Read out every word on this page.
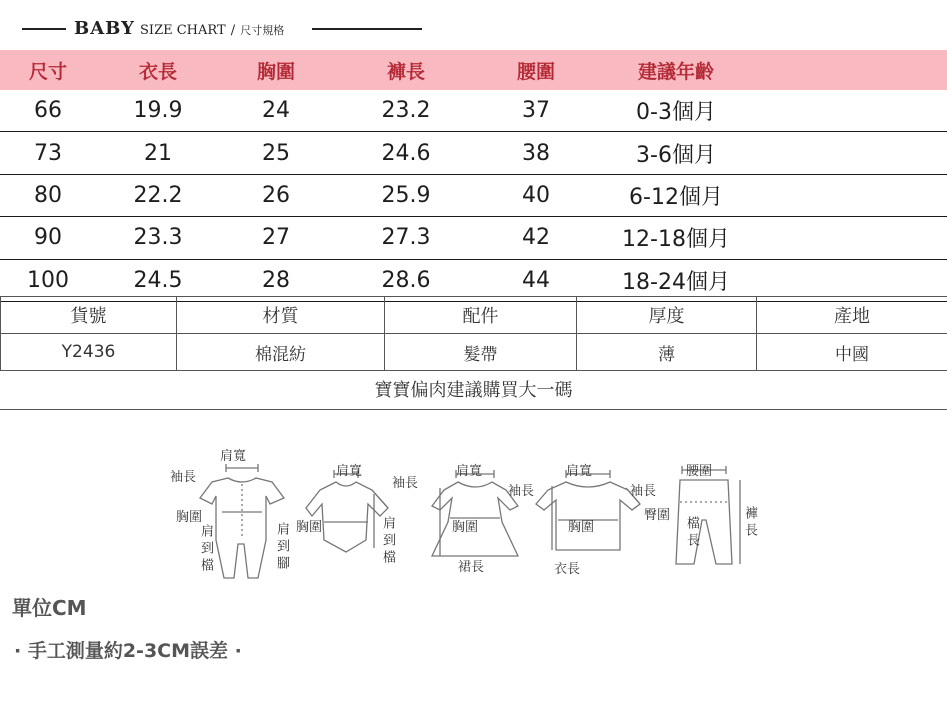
BABY SIZE CHART / 尺寸規格
尺寸	衣長	胸圍	褲長	腰圍	建議年齡
66	19.9	24	23.2	37	0-3個月
73	21	25	24.6	38	3-6個月
80	22.2	26	25.9	40	6-12個月
90	23.3	27	27.3	42	12-18個月
100	24.5	28	28.6	44	18-24個月
貨號	材質	配件	厚度	產地
Y2436	棉混紡	髮帶	薄	中國
寶寶偏肉建議購買大一碼
肩寬
袖長
胸圍
肩到檔	肩到腳
肩寬
袖長
胸圍	肩到檔
肩寬
袖長
胸圍
裙長
肩寬
袖長
胸圍
衣長
腰圍
臀圍
檔長	褲長
單位CM
· 手工測量約2-3CM誤差 ·
